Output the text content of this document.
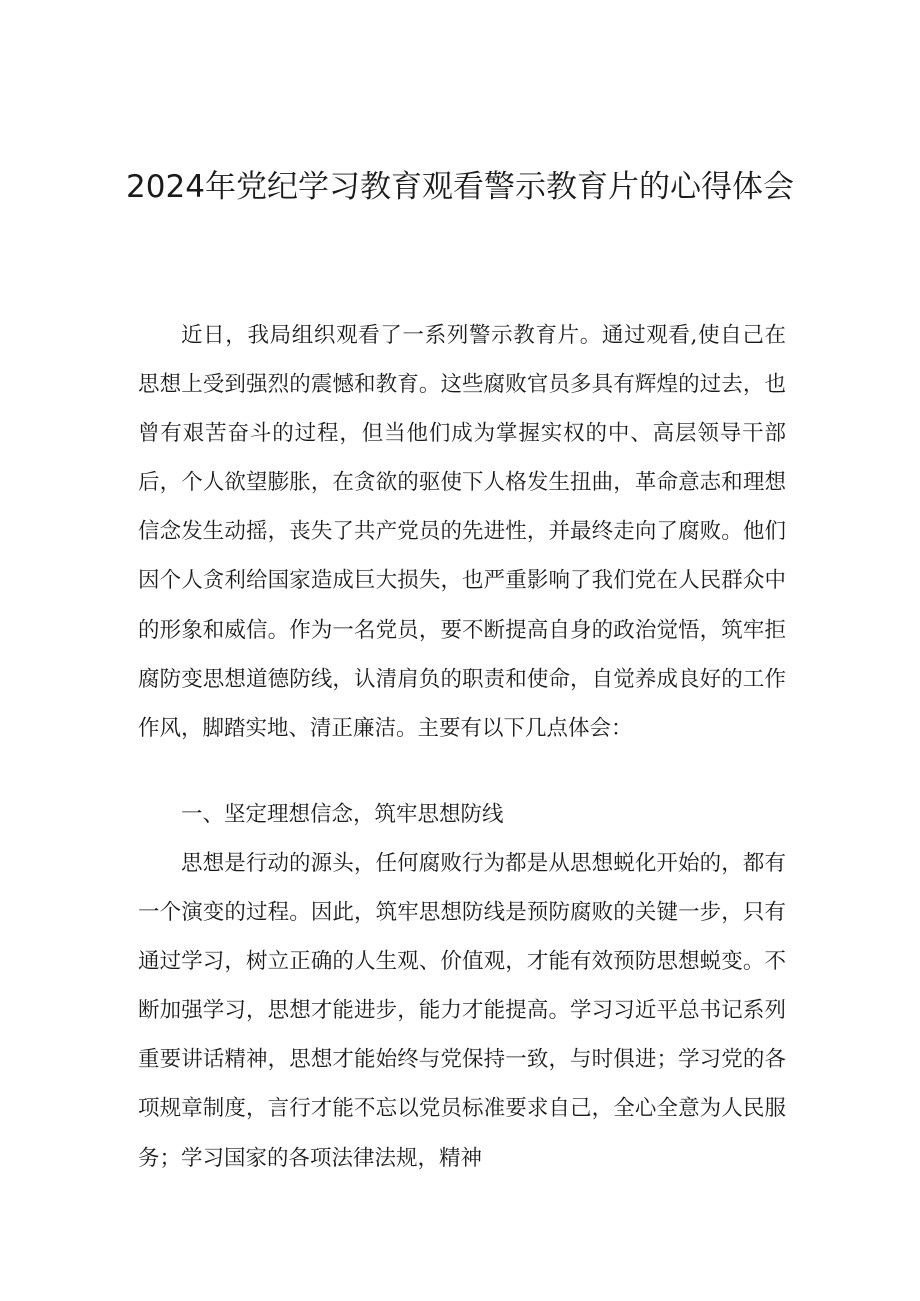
2024年党纪学习教育观看警示教育片的心得体会

近日，我局组织观看了一系列警示教育片。通过观看,使自己在思想上受到强烈的震憾和教育。这些腐败官员多具有辉煌的过去，也曾有艰苦奋斗的过程，但当他们成为掌握实权的中、高层领导干部后，个人欲望膨胀，在贪欲的驱使下人格发生扭曲，革命意志和理想信念发生动摇，丧失了共产党员的先进性，并最终走向了腐败。他们因个人贪利给国家造成巨大损失，也严重影响了我们党在人民群众中的形象和威信。作为一名党员，要不断提高自身的政治觉悟，筑牢拒腐防变思想道德防线，认清肩负的职责和使命，自觉养成良好的工作作风，脚踏实地、清正廉洁。主要有以下几点体会：

一、坚定理想信念，筑牢思想防线

思想是行动的源头，任何腐败行为都是从思想蜕化开始的，都有一个演变的过程。因此，筑牢思想防线是预防腐败的关键一步，只有通过学习，树立正确的人生观、价值观，才能有效预防思想蜕变。不断加强学习，思想才能进步，能力才能提高。学习习近平总书记系列重要讲话精神，思想才能始终与党保持一致，与时俱进；学习党的各项规章制度，言行才能不忘以党员标准要求自己，全心全意为人民服务；学习国家的各项法律法规，精神
